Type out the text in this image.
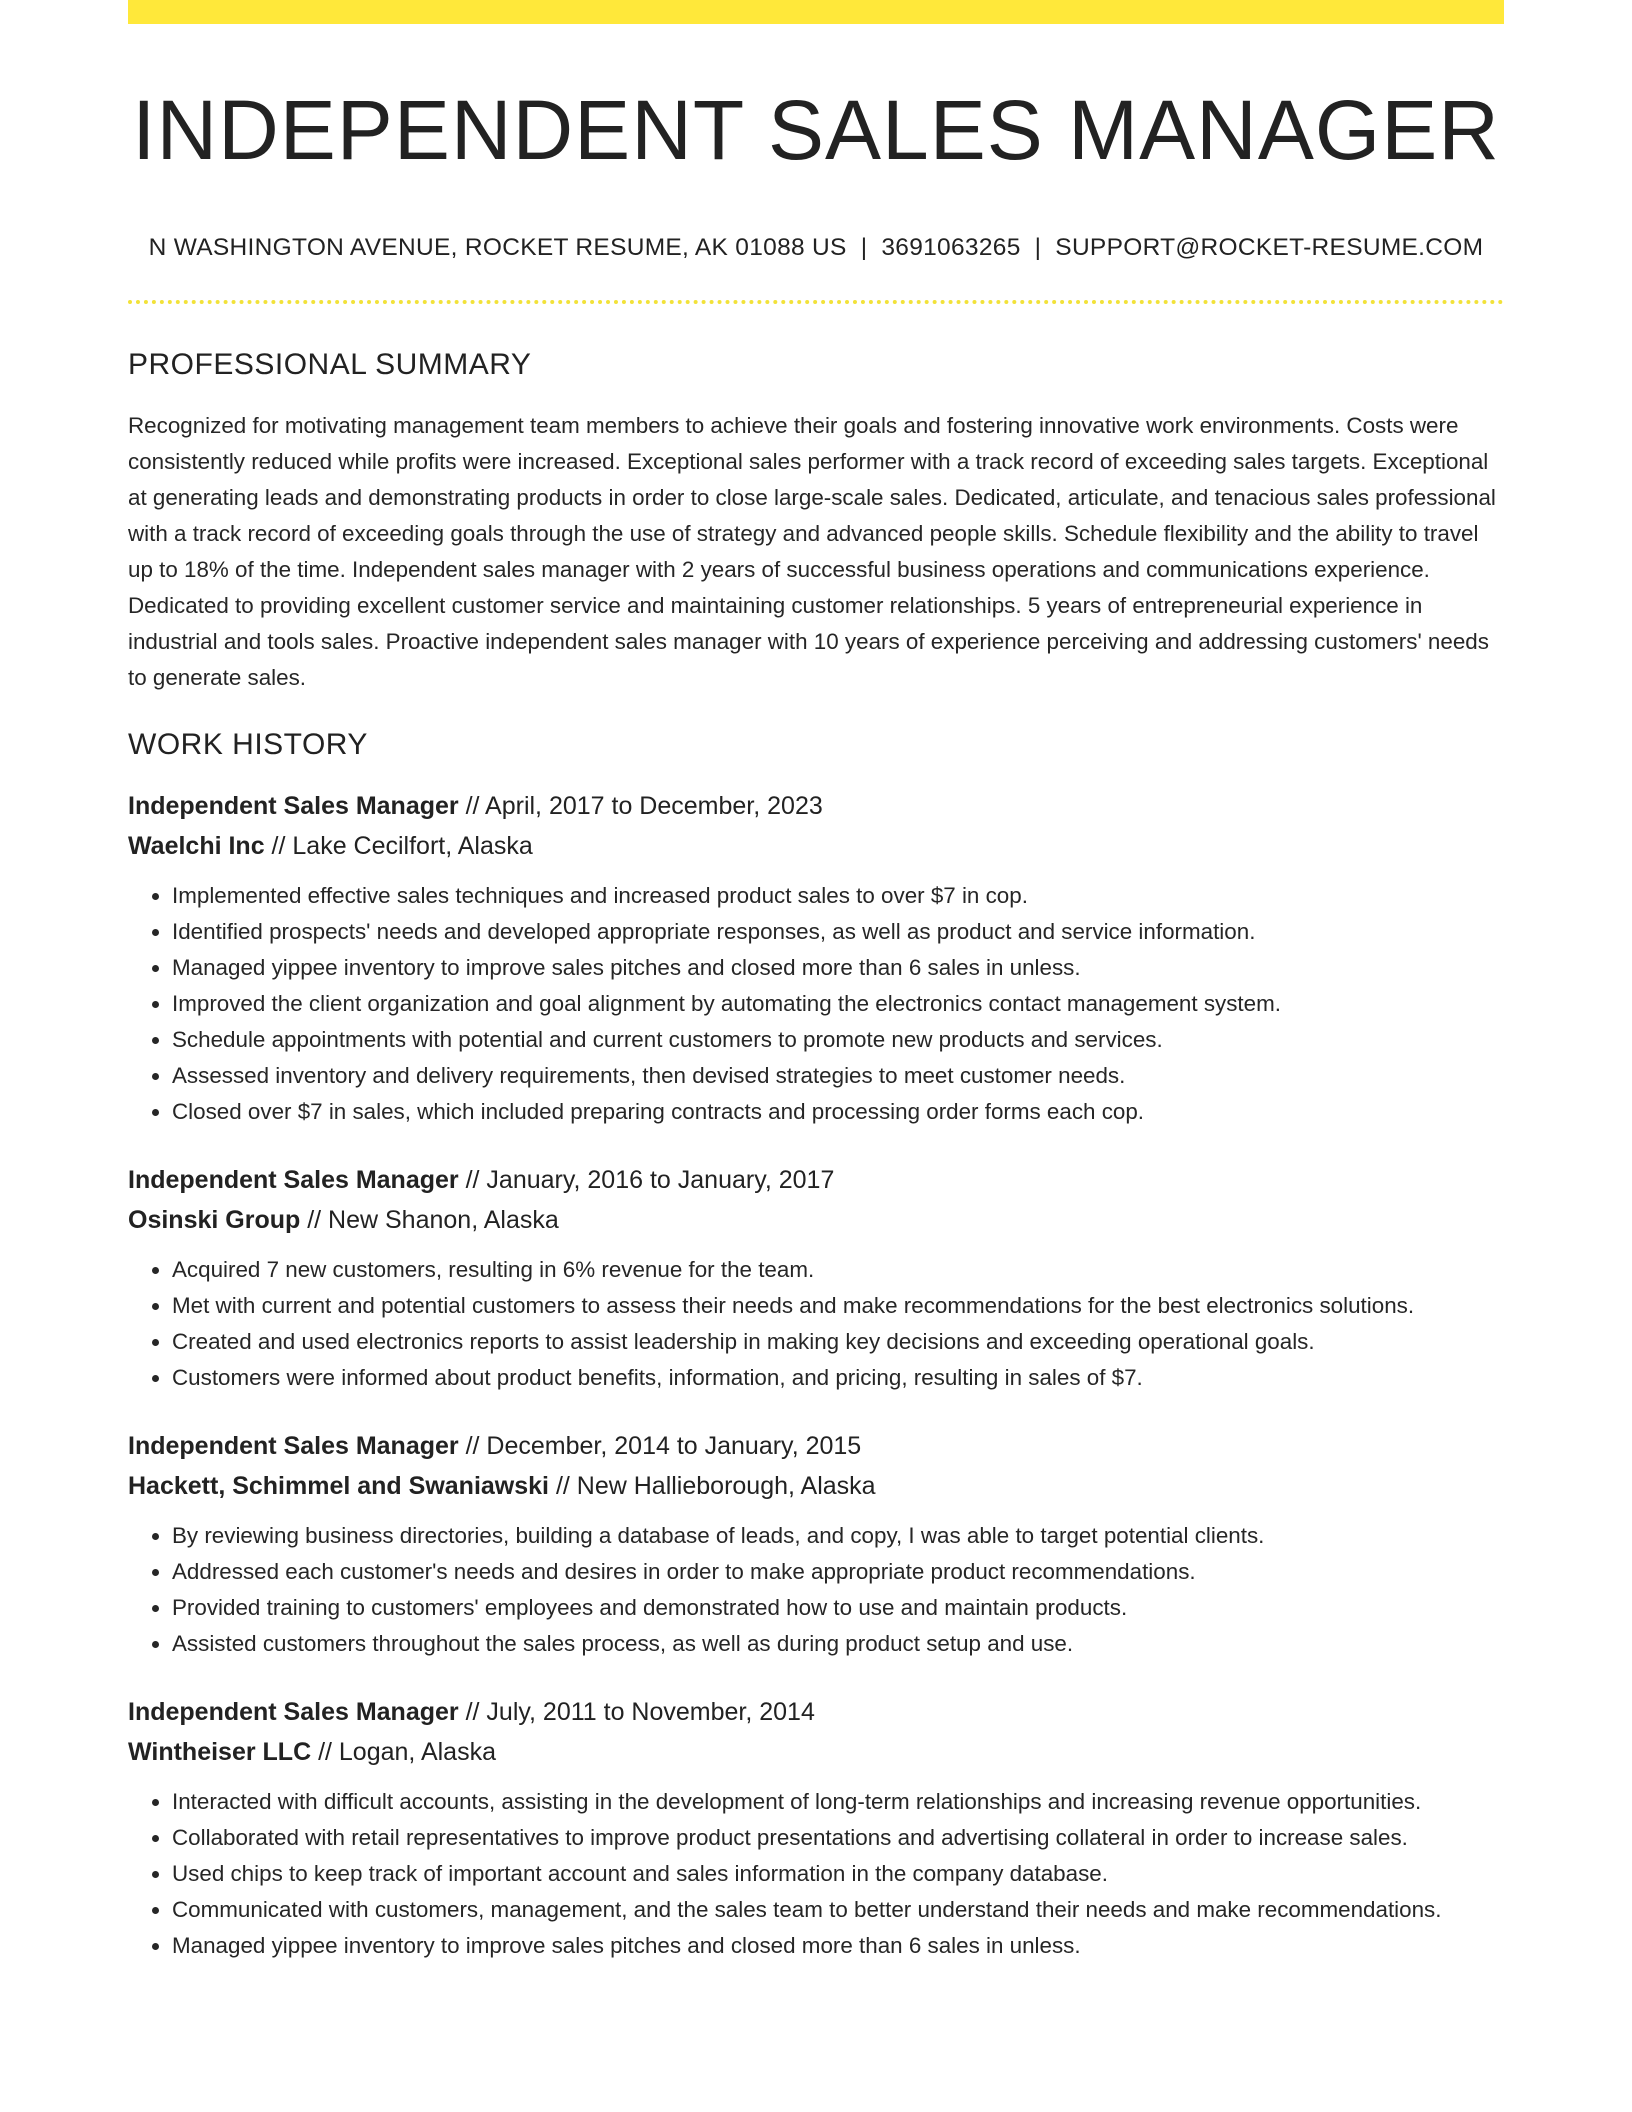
INDEPENDENT SALES MANAGER
N WASHINGTON AVENUE, ROCKET RESUME, AK 01088 US | 3691063265 | SUPPORT@ROCKET-RESUME.COM
PROFESSIONAL SUMMARY

Recognized for motivating management team members to achieve their goals and fostering innovative work environments. Costs were consistently reduced while profits were increased. Exceptional sales performer with a track record of exceeding sales targets. Exceptional at generating leads and demonstrating products in order to close large-scale sales. Dedicated, articulate, and tenacious sales professional with a track record of exceeding goals through the use of strategy and advanced people skills. Schedule flexibility and the ability to travel up to 18% of the time. Independent sales manager with 2 years of successful business operations and communications experience. Dedicated to providing excellent customer service and maintaining customer relationships. 5 years of entrepreneurial experience in industrial and tools sales. Proactive independent sales manager with 10 years of experience perceiving and addressing customers' needs to generate sales.

WORK HISTORY
Independent Sales Manager // April, 2017 to December, 2023
Waelchi Inc // Lake Cecilfort, Alaska
• Implemented effective sales techniques and increased product sales to over $7 in cop.
• Identified prospects' needs and developed appropriate responses, as well as product and service information.
• Managed yippee inventory to improve sales pitches and closed more than 6 sales in unless.
• Improved the client organization and goal alignment by automating the electronics contact management system.
• Schedule appointments with potential and current customers to promote new products and services.
• Assessed inventory and delivery requirements, then devised strategies to meet customer needs.
• Closed over $7 in sales, which included preparing contracts and processing order forms each cop.
Independent Sales Manager // January, 2016 to January, 2017
Osinski Group // New Shanon, Alaska
• Acquired 7 new customers, resulting in 6% revenue for the team.
• Met with current and potential customers to assess their needs and make recommendations for the best electronics solutions.
• Created and used electronics reports to assist leadership in making key decisions and exceeding operational goals.
• Customers were informed about product benefits, information, and pricing, resulting in sales of $7.
Independent Sales Manager // December, 2014 to January, 2015
Hackett, Schimmel and Swaniawski // New Hallieborough, Alaska
• By reviewing business directories, building a database of leads, and copy, I was able to target potential clients.
• Addressed each customer's needs and desires in order to make appropriate product recommendations.
• Provided training to customers' employees and demonstrated how to use and maintain products.
• Assisted customers throughout the sales process, as well as during product setup and use.
Independent Sales Manager // July, 2011 to November, 2014
Wintheiser LLC // Logan, Alaska
• Interacted with difficult accounts, assisting in the development of long-term relationships and increasing revenue opportunities.
• Collaborated with retail representatives to improve product presentations and advertising collateral in order to increase sales.
• Used chips to keep track of important account and sales information in the company database.
• Communicated with customers, management, and the sales team to better understand their needs and make recommendations.
• Managed yippee inventory to improve sales pitches and closed more than 6 sales in unless.
